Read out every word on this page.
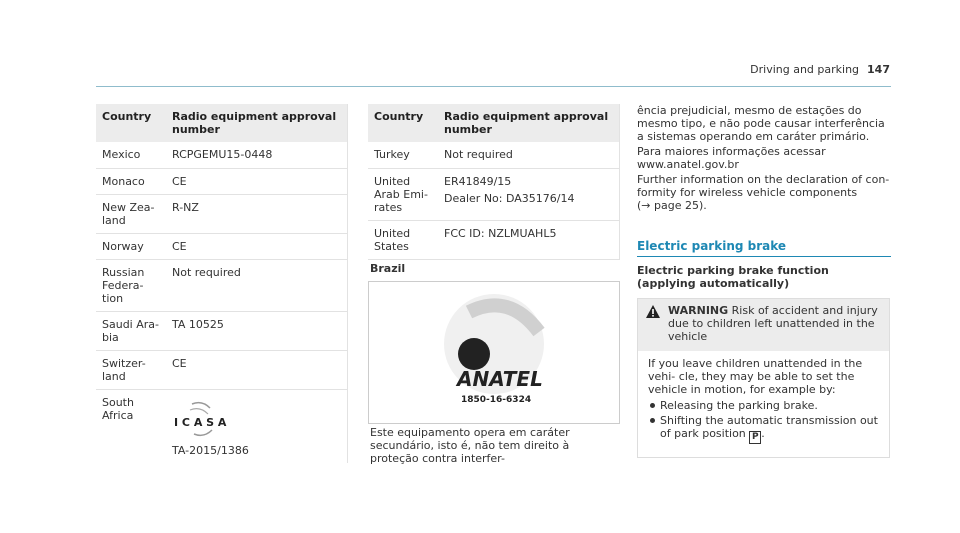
Driving and parking 147
Country	Radio equipment approval number
Mexico	RCPGEMU15-0448
Monaco	CE
New Zea- land	R-NZ
Norway	CE
Russian Federa- tion	Not required
Saudi Ara- bia	TA 10525
Switzer- land	CE
South Africa	I C A S A
TA-2015/1386
Country	Radio equipment approval number
Turkey	Not required
United Arab Emi- rates	ER41849/15
Dealer No: DA35176/14

United States	FCC ID: NZLMUAHL5
Brazil
ANATEL
1850-16-6324
Este equipamento opera em caráter secundário, isto é, não tem direito à proteção contra interfer-

ência prejudicial, mesmo de estações do mesmo tipo, e não pode causar interferência a sistemas operando em caráter primário.

Para maiores informações acessar www.anatel.gov.br

Further information on the declaration of con- formity for wireless vehicle components
(→ page 25).

Electric parking brake
Electric parking brake function (applying automatically)
WARNING Risk of accident and injury due to children left unattended in the vehicle
If you leave children unattended in the vehi- cle, they may be able to set the vehicle in motion, for example by:
Releasing the parking brake.
Shifting the automatic transmission out of park position P .
